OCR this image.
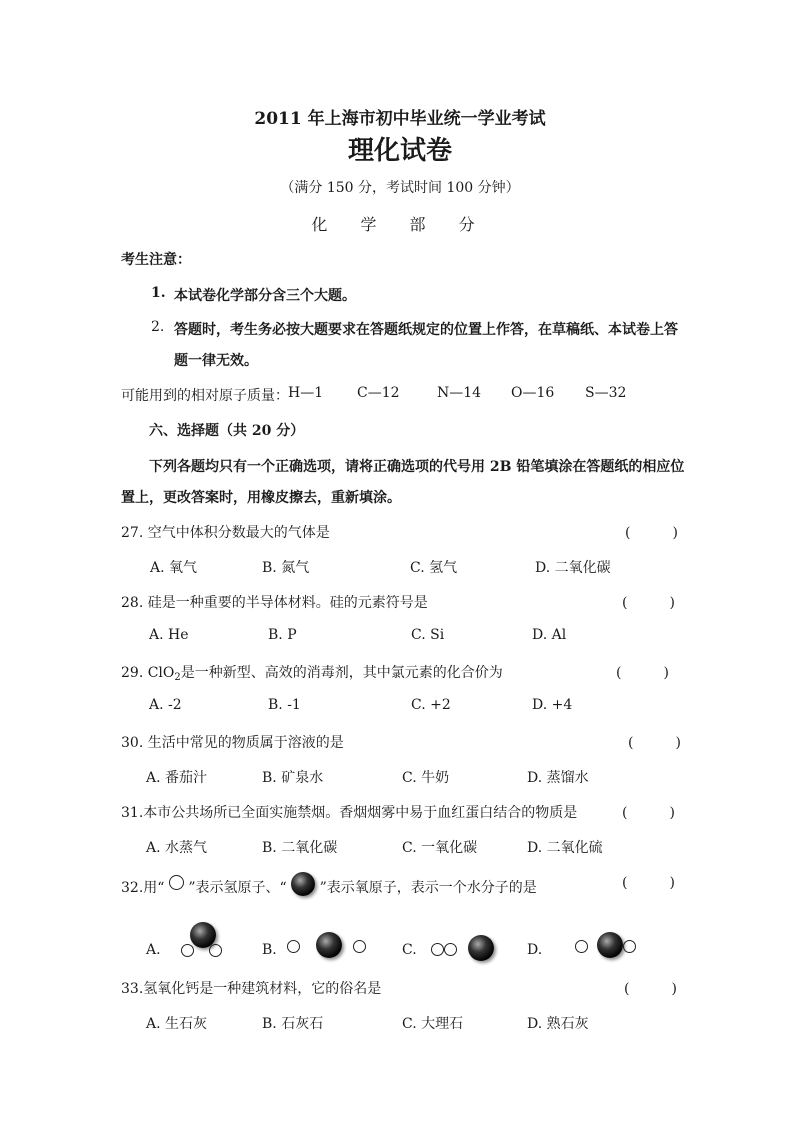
2011 年上海市初中毕业统一学业考试
理化试卷
（满分 150 分，考试时间 100 分钟）
化 学 部 分
考生注意：
1. 本试卷化学部分含三个大题。
2. 答题时，考生务必按大题要求在答题纸规定的位置上作答，在草稿纸、本试卷上答
题一律无效。
可能用到的相对原子质量： H—1 C—12	N—14 O—16 S—32
六、选择题（共 20 分）
下列各题均只有一个正确选项，请将正确选项的代号用 2B 铅笔填涂在答题纸的相应位
置上，更改答案时，用橡皮擦去，重新填涂。
27. 空气中体积分数最大的气体是	(　　　)
A. 氧气	B. 氮气	C. 氢气	D. 二氧化碳
28. 硅是一种重要的半导体材料。硅的元素符号是	(　　　)
A. He	B. P	C. Si	D. Al
29. ClO$_2$是一种新型、高效的消毒剂，其中氯元素的化合价为	(　　　)
A. -2	B. -1	C. +2	D. +4
30. 生活中常见的物质属于溶液的是	(　　　)
A. 番茄汁	B. 矿泉水	C. 牛奶	D. 蒸馏水
31.本市公共场所已全面实施禁烟。香烟烟雾中易于血红蛋白结合的物质是	(　　　)
A. 水蒸气	B. 二氧化碳	C. 一氧化碳	D. 二氧化硫
32.用“ ”表示氢原子、“ ”表示氧原子，表示一个水分子的是	(　　　)
A.	B.	C.	D.
33.氢氧化钙是一种建筑材料，它的俗名是	(　　　)
A. 生石灰	B. 石灰石	C. 大理石	D. 熟石灰
